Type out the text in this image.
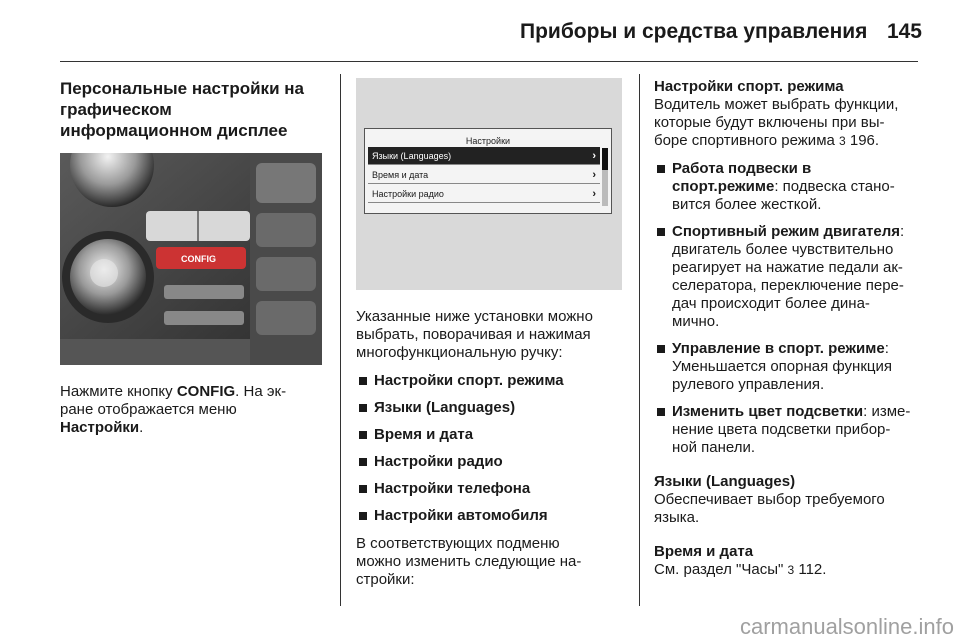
Приборы и средства управления 145
Персональные настройки на
графическом
информационном дисплее
CONFIG

Нажмите кнопку CONFIG. На эк-
ране отображается меню
Настройки.

Настройки
Языки (Languages)	›
Время и дата	›
Настройки радио	›

Указанные ниже установки можно
выбрать, поворачивая и нажимая
многофункциональную ручку:

Настройки спорт. режима
Языки (Languages)
Время и дата
Настройки радио
Настройки телефона
Настройки автомобиля

В соответствующих подменю
можно изменить следующие на-
стройки:

Настройки спорт. режима

Водитель может выбрать функции,
которые будут включены при вы-
боре спортивного режима 3 196.

Работа подвески в
спорт.режиме: подвеска стано-
вится более жесткой.
Спортивный режим двигателя:
двигатель более чувствительно
реагирует на нажатие педали ак-
селератора, переключение пере-
дач происходит более дина-
мично.
Управление в спорт. режиме:
Уменьшается опорная функция
рулевого управления.
Изменить цвет подсветки: изме-
нение цвета подсветки прибор-
ной панели.
Языки (Languages)

Обеспечивает выбор требуемого
языка.

Время и дата

См. раздел "Часы" 3 112.

carmanualsonline.info
